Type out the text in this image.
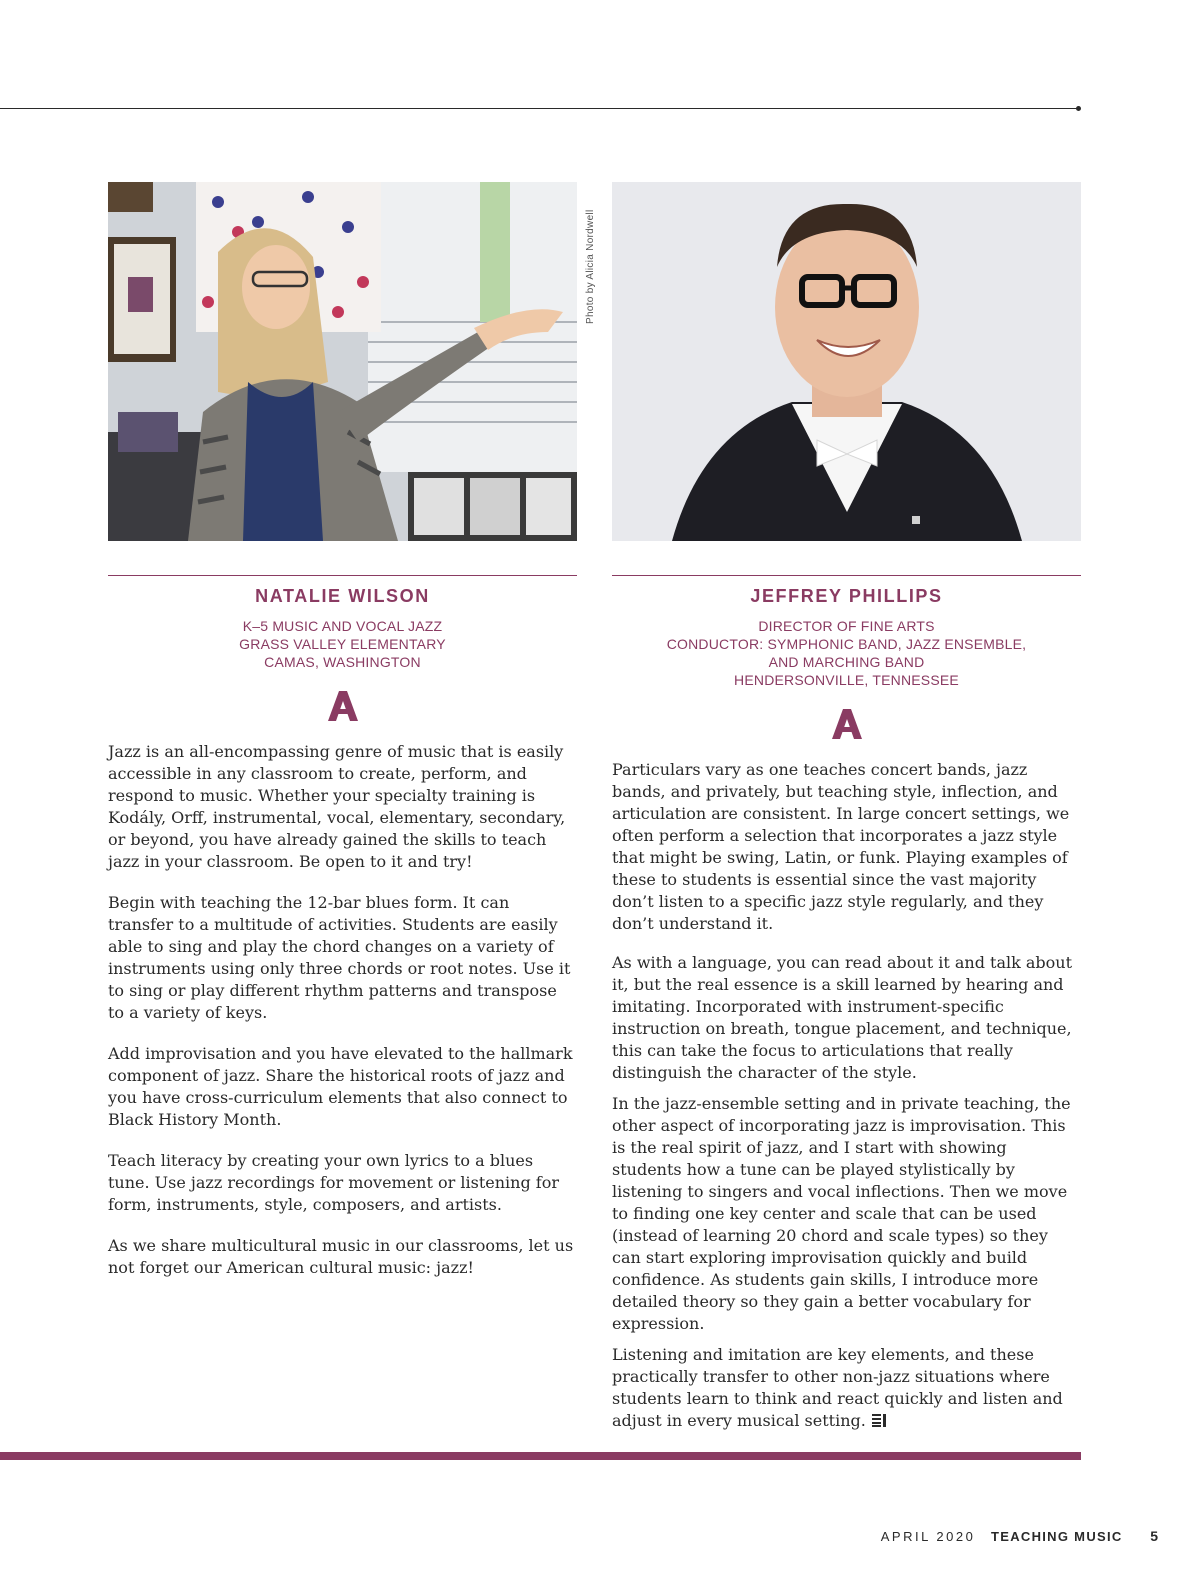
Photo by Alicia Nordwell
NATALIE WILSON
K–5 MUSIC AND VOCAL JAZZ
GRASS VALLEY ELEMENTARY
CAMAS, WASHINGTON

Jazz is an all-encompassing genre of music that is easily accessible in any classroom to create, perform, and respond to music. Whether your specialty training is Kodály, Orff, instrumental, vocal, elementary, secondary, or beyond, you have already gained the skills to teach jazz in your classroom. Be open to it and try!

Begin with teaching the 12-bar blues form. It can transfer to a multitude of activities. Students are easily able to sing and play the chord changes on a variety of instruments using only three chords or root notes. Use it to sing or play different rhythm patterns and transpose to a variety of keys.

Add improvisation and you have elevated to the hallmark component of jazz. Share the historical roots of jazz and you have cross-curriculum elements that also connect to Black History Month.

Teach literacy by creating your own lyrics to a blues tune. Use jazz recordings for movement or listening for form, instruments, style, composers, and artists.

As we share multicultural music in our classrooms, let us not forget our American cultural music: jazz!

JEFFREY PHILLIPS
DIRECTOR OF FINE ARTS
CONDUCTOR: SYMPHONIC BAND, JAZZ ENSEMBLE,
AND MARCHING BAND
HENDERSONVILLE, TENNESSEE

Particulars vary as one teaches concert bands, jazz bands, and privately, but teaching style, inflection, and articulation are consistent. In large concert settings, we often perform a selection that incorporates a jazz style that might be swing, Latin, or funk. Playing examples of these to students is essential since the vast majority don’t listen to a specific jazz style regularly, and they don’t understand it.

As with a language, you can read about it and talk about it, but the real essence is a skill learned by hearing and imitating. Incorporated with instrument-specific instruction on breath, tongue placement, and technique, this can take the focus to articulations that really distinguish the character of the style.

In the jazz-ensemble setting and in private teaching, the other aspect of incorporating jazz is improvisation. This is the real spirit of jazz, and I start with showing students how a tune can be played stylistically by listening to singers and vocal inflections. Then we move to finding one key center and scale that can be used (instead of learning 20 chord and scale types) so they can start exploring improvisation quickly and build confidence. As students gain skills, I introduce more detailed theory so they gain a better vocabulary for expression.

Listening and imitation are key elements, and these practically transfer to other non-jazz situations where students learn to think and react quickly and listen and adjust in every musical setting.

APRIL 2020 TEACHING MUSIC 5
